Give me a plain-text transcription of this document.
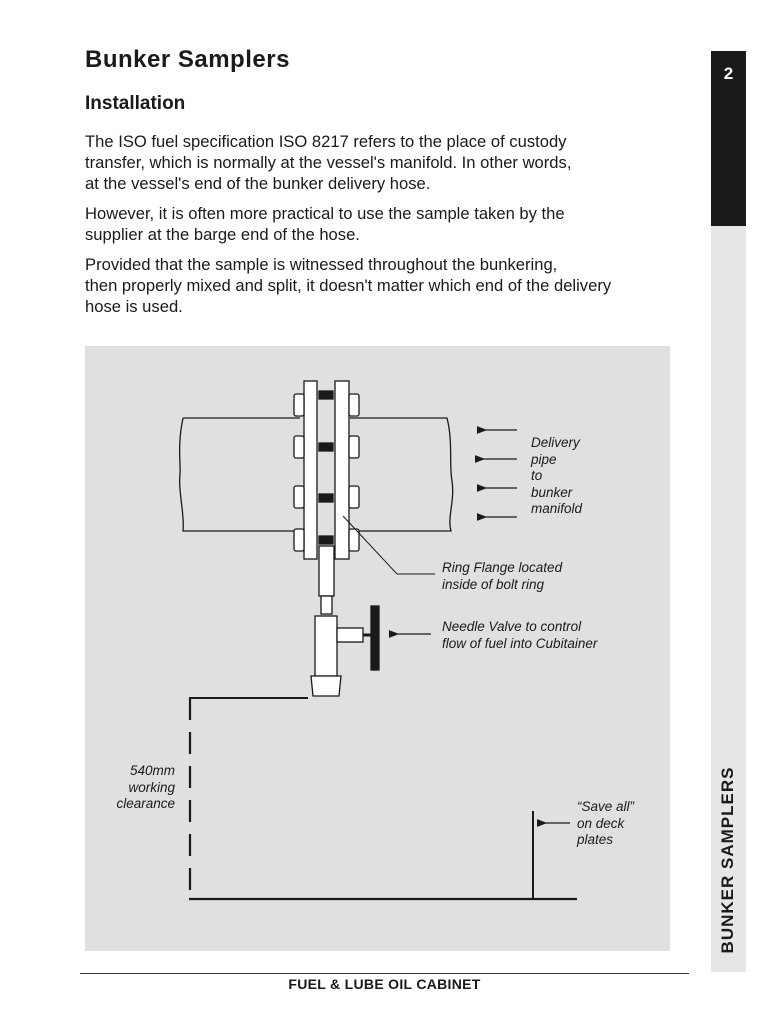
Bunker Samplers
Installation

The ISO fuel specification ISO 8217 refers to the place of custody
transfer, which is normally at the vessel's manifold. In other words,
at the vessel's end of the bunker delivery hose.

However, it is often more practical to use the sample taken by the
supplier at the barge end of the hose.

Provided that the sample is witnessed throughout the bunkering,
then properly mixed and split, it doesn't matter which end of the delivery
hose is used.

Delivery
pipe
to
bunker
manifold

Ring Flange located
inside of bolt ring

Needle Valve to control
flow of fuel into Cubitainer

540mm
working
clearance	“Save all”
on deck
plates

2
BUNKER SAMPLERS
FUEL & LUBE OIL CABINET
